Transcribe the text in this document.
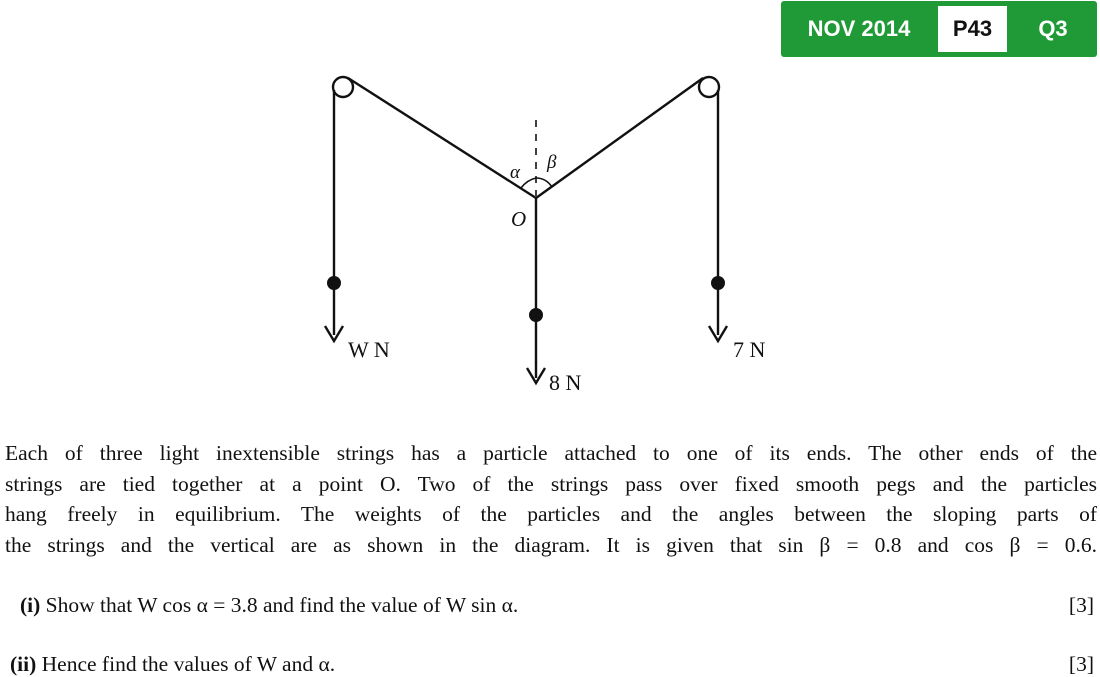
NOV 2014	P43	Q3
α β
O
W N
8 N
7 N
Each of three light inextensible strings has a particle attached to one of its ends. The other ends of the
strings are tied together at a point O. Two of the strings pass over fixed smooth pegs and the particles
hang freely in equilibrium. The weights of the particles and the angles between the sloping parts of
the strings and the vertical are as shown in the diagram. It is given that sin β = 0.8 and cos β = 0.6.
(i) Show that W cos α = 3.8 and find the value of W sin α.	[3]
(ii) Hence find the values of W and α.	[3]
